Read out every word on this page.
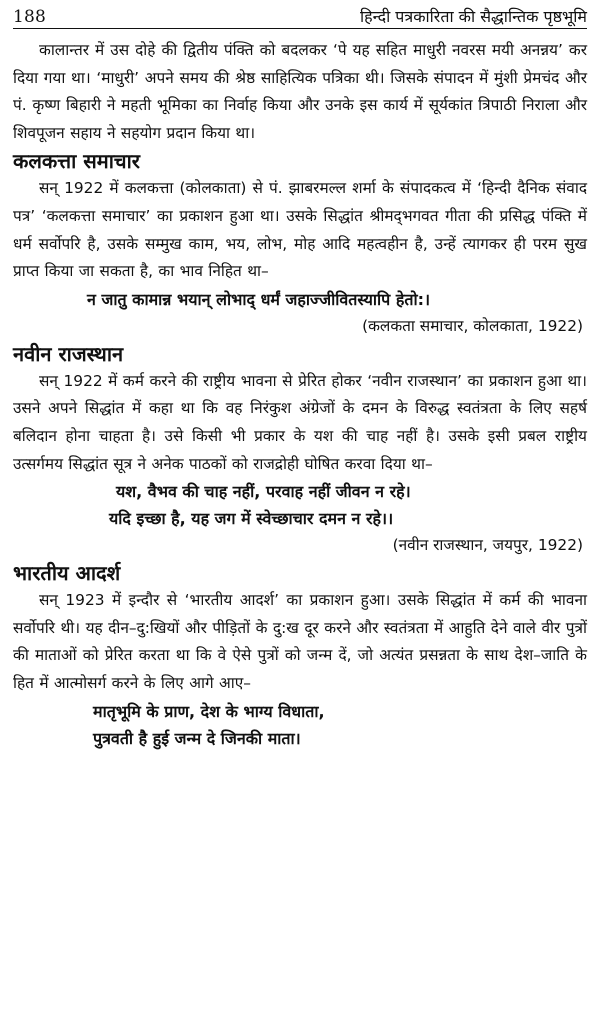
188	हिन्दी पत्रकारिता की सैद्धान्तिक पृष्ठभूमि

कालान्तर में उस दोहे की द्वितीय पंक्ति को बदलकर ‘पे यह सहित माधुरी नवरस मयी अनन्नय’ कर दिया गया था। ‘माधुरी’ अपने समय की श्रेष्ठ साहित्यिक पत्रिका थी। जिसके संपादन में मुंशी प्रेमचंद और पं. कृष्ण बिहारी ने महती भूमिका का निर्वाह किया और उनके इस कार्य में सूर्यकांत त्रिपाठी निराला और शिवपूजन सहाय ने सहयोग प्रदान किया था।

कलकत्ता समाचार

सन् 1922 में कलकत्ता (कोलकाता) से पं. झाबरमल्ल शर्मा के संपादकत्व में ‘हिन्दी दैनिक संवाद पत्र’ ‘कलकत्ता समाचार’ का प्रकाशन हुआ था। उसके सिद्धांत श्रीमद्‌भगवत गीता की प्रसिद्ध पंक्ति में धर्म सर्वोपरि है, उसके सम्मुख काम, भय, लोभ, मोह आदि महत्वहीन है, उन्हें त्यागकर ही परम सुख प्राप्त किया जा सकता है, का भाव निहित था–

न जातु कामान्न भयान् लोभाद् धर्मं जहाज्जीवितस्यापि हेतो:।
(कलकता समाचार, कोलकाता, 1922)
नवीन राजस्थान

सन् 1922 में कर्म करने की राष्ट्रीय भावना से प्रेरित होकर ‘नवीन राजस्थान’ का प्रकाशन हुआ था। उसने अपने सिद्धांत में कहा था कि वह निरंकुश अंग्रेजों के दमन के विरुद्ध स्वतंत्रता के लिए सहर्ष बलिदान होना चाहता है। उसे किसी भी प्रकार के यश की चाह नहीं है। उसके इसी प्रबल राष्ट्रीय उत्सर्गमय सिद्धांत सूत्र ने अनेक पाठकों को राजद्रोही घोषित करवा दिया था–

यश, वैभव की चाह नहीं, परवाह नहीं जीवन न रहे।
यदि इच्छा है, यह जग में स्वेच्छाचार दमन न रहे।।
(नवीन राजस्थान, जयपुर, 1922)
भारतीय आदर्श

सन् 1923 में इन्दौर से ‘भारतीय आदर्श’ का प्रकाशन हुआ। उसके सिद्धांत में कर्म की भावना सर्वोपरि थी। यह दीन–दु:खियों और पीड़ितों के दु:ख दूर करने और स्वतंत्रता में आहुति देने वाले वीर पुत्रों की माताओं को प्रेरित करता था कि वे ऐसे पुत्रों को जन्म दें, जो अत्यंत प्रसन्नता के साथ देश–जाति के हित में आत्मोसर्ग करने के लिए आगे आए–

मातृभूमि के प्राण, देश के भाग्य विधाता,
पुत्रवती है हुई जन्म दे जिनकी माता।
